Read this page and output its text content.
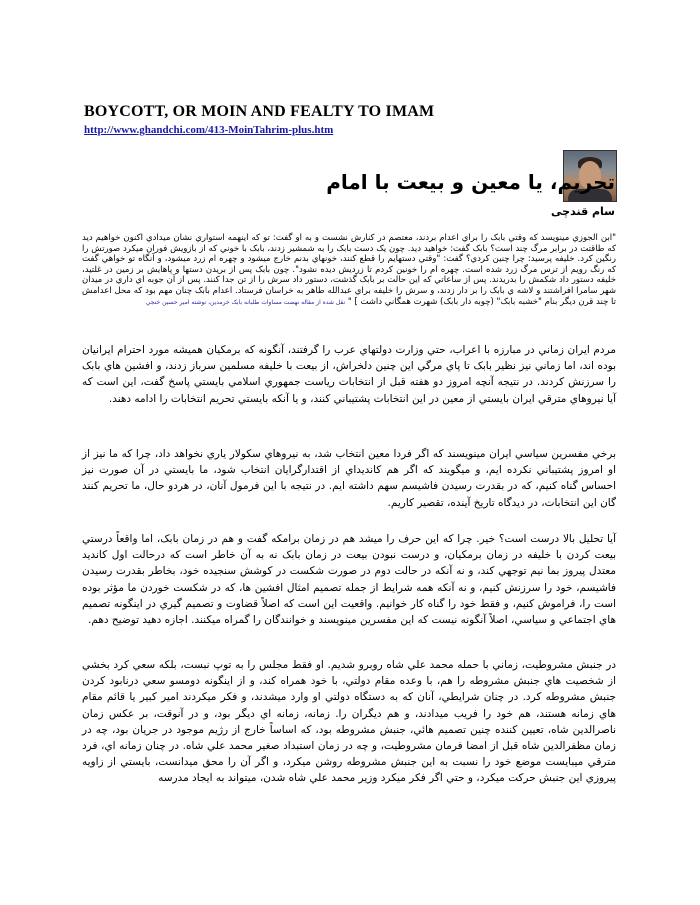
BOYCOTT, OR MOIN AND FEALTY TO IMAM
http://www.ghandchi.com/413-MoinTahrim-plus.htm
تحریم، یا معین و بیعت با امام
سام قندچی
"ابن الجوزي مينويسد كه وقتي بابک را براي اعدام بردند، معتصم در كنارش نشست و به او گفت: تو كه اينهمه استواري نشان ميدادي اكنون خواهيم ديد كه طاقتت در برابر مرگ چند است؟ بابک گفت: خواهيد ديد. چون يک دست بابک را به شمشير زدند، بابک با خوني كه از بازويش فوران ميكرد صورتش را رنگين كرد. خليفه پرسيد: چرا چنين كردي؟ گفت: "وقتي دستهايم را قطع كنند، خونهاي بدنم خارج ميشود و چهره ام زرد ميشود، و آنگاه تو خواهي گفت كه رنگ رويم از ترس مرگ زرد شده است. چهره ام را خونين كردم تا زرديش ديده نشود". چون بابک پس از بريدن دستها و پاهايش بر زمين در غلتيد، خليفه دستور داد شكمش را بدريدند. پس از ساعاتي كه اين حالت بر بابک گذشت، دستور داد سرش را از تن جدا كنند. پس از آن جوبه اي داري در ميدان شهر سامرا افراشتند و لاشه ي بابک را بر دار زدند، و سرش را خليفه براي عبدالله طاهر به خراسان فرستاد. اعدام بابک چنان مهم بود كه محل اعدامش تا چند قرن ديگر بنام "خشبه بابک" (چوبه دار بابک) شهرت همگاني داشت ] " نقل شده از مقاله نهضت مساوات طلبانه بابک خرمدين، نوشته امير حسين خنجي
مردم ايران زماني در مبارزه با اعراب، حتي وزارت دولتهاي عرب را گرفتند، آنگونه كه برمكيان هميشه مورد احترام ايرانيان بوده اند، اما زماني نيز نظير بابک تا پاي مرگي اين چنين دلخراش، از بيعت با خليفه مسلمين سرباز زدند، و افشين هاي بابک را سرزنش كردند. در نتيجه آنچه امروز دو هفته قبل از انتخابات رياست جمهوري اسلامي بايستي پاسخ گفت، اين است كه آيا نيروهاي مترقي ايران بايستي از معين در اين انتخابات پشتيباني كنند، و يا آنكه بايستي تحريم انتخابات را ادامه دهند.
برخي مفسرين سياسي ايران مينويسند كه اگر فردا معين انتخاب شد، به نيروهاي سكولار ياري نخواهد داد، چرا كه ما نيز از او امروز پشتيباني نكرده ايم، و ميگويند كه اگر هم كانديداي از اقتدارگرايان انتخاب شود، ما بايستي در آن صورت نيز احساس گناه كنيم، كه در بقدرت رسيدن فاشيسم سهم داشته ايم. در نتيجه با اين فرمول آنان، در هردو حال، ما تحريم كنند گان اين انتخابات، در ديدگاه تاريخ آينده، تقصير كاريم.
آيا تحليل بالا درست است؟ خير. چرا كه اين حرف را ميشد هم در زمان برامكه گفت و هم در زمان بابک، اما واقعاً درستي بيعت كردن با خليفه در زمان برمكيان، و درست نبودن بيعت در زمان بابک نه به آن خاطر است كه درحالت اول كانديد معتدل پيروز بما نيم توجهي كند، و نه آنكه در حالت دوم در صورت شكست در كوشش سنجيده خود، بخاطر بقدرت رسيدن فاشيسم، خود را سرزنش كنيم، و نه آنكه همه شرايط از جمله تصميم امثال افشين ها، كه در شكست خوردن ما مؤثر بوده است را، فراموش كنيم، و فقط خود را گناه كار خوانيم. واقعيت اين است كه اصلاً قضاوت و تصميم گيري در اينگونه تصميم هاي اجتماعي و سياسي، اصلاً آنگونه نيست كه اين مفسرين مينويسند و خوانندگان را گمراه ميكنند. اجازه دهيد توضيح دهم.
در جنبش مشروطيت، زماني با حمله محمد علي شاه روبرو شديم. او فقط مجلس را به توپ نبست، بلكه سعي كرد بخشي از شخصيت هاي جنبش مشروطه را هم، با وعده مقام دولتي، با خود همراه كند، و از اينگونه دومسو سعي درنابود كردن جنبش مشروطه كرد. در چنان شرايطي، آنان كه به دستگاه دولتي او وارد ميشدند، و فكر ميكردند امير كبير يا قائم مقام هاي زمانه هستند، هم خود را فريب ميدادند، و هم ديگران را. زمانه، زمانه اي ديگر بود، و در آنوقت، بر عكس زمان ناصرالدين شاه، تعيين كننده چنين تصميم هائي، جنبش مشروطه بود، كه اساساً خارج از رژيم موجود در جريان بود، چه در زمان مظفرالدين شاه قبل از امضا فرمان مشروطيت، و چه در زمان استبداد صغير محمد علي شاه. در چنان زمانه اي، فرد مترقي ميبايست موضع خود را نسبت به اين جنبش مشروطه روشن ميكرد، و اگر آن را محق ميدانست، بايستي از زاويه پيروزي اين جنبش حركت ميكرد، و حتي اگر فكر ميكرد وزير محمد علي شاه شدن، ميتواند به ايجاد مدرسه
